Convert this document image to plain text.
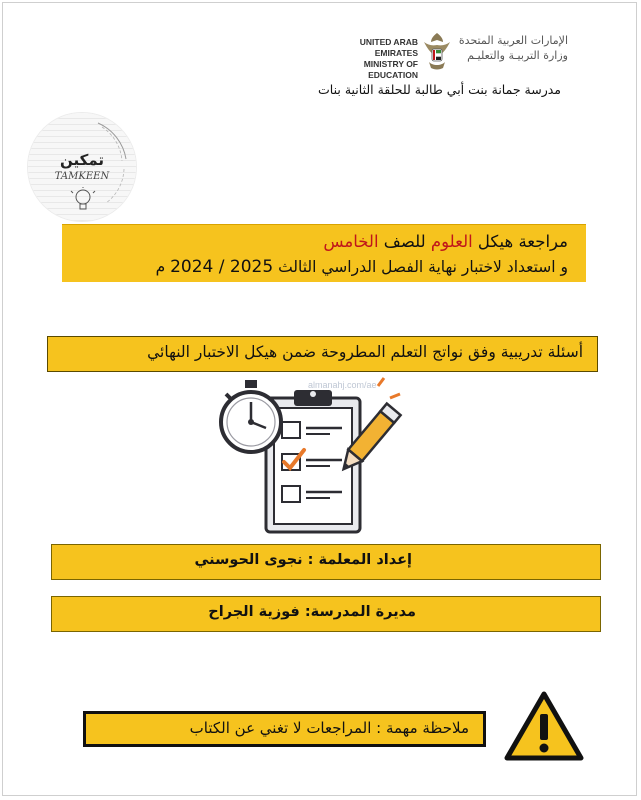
UNITED ARAB EMIRATES
MINISTRY OF EDUCATION
الإمارات العربية المتحدة
وزارة التربيـة والتعليـم
مدرسة جمانة بنت أبي طالبة للحلقة الثانية بنات
تمكين
TAMKEEN
مراجعة هيكل العلوم للصف الخامس
و استعداد لاختبار نهاية الفصل الدراسي الثالث 2024 / 2025 م
أسئلة تدريبية وفق نواتج التعلم المطروحة ضمن هيكل الاختبار النهائي
almanahj.com/ae
إعداد المعلمة : نجوى الحوسني
مديرة المدرسة: فوزية الجراح
ملاحظة مهمة : المراجعات لا تغني عن الكتاب
